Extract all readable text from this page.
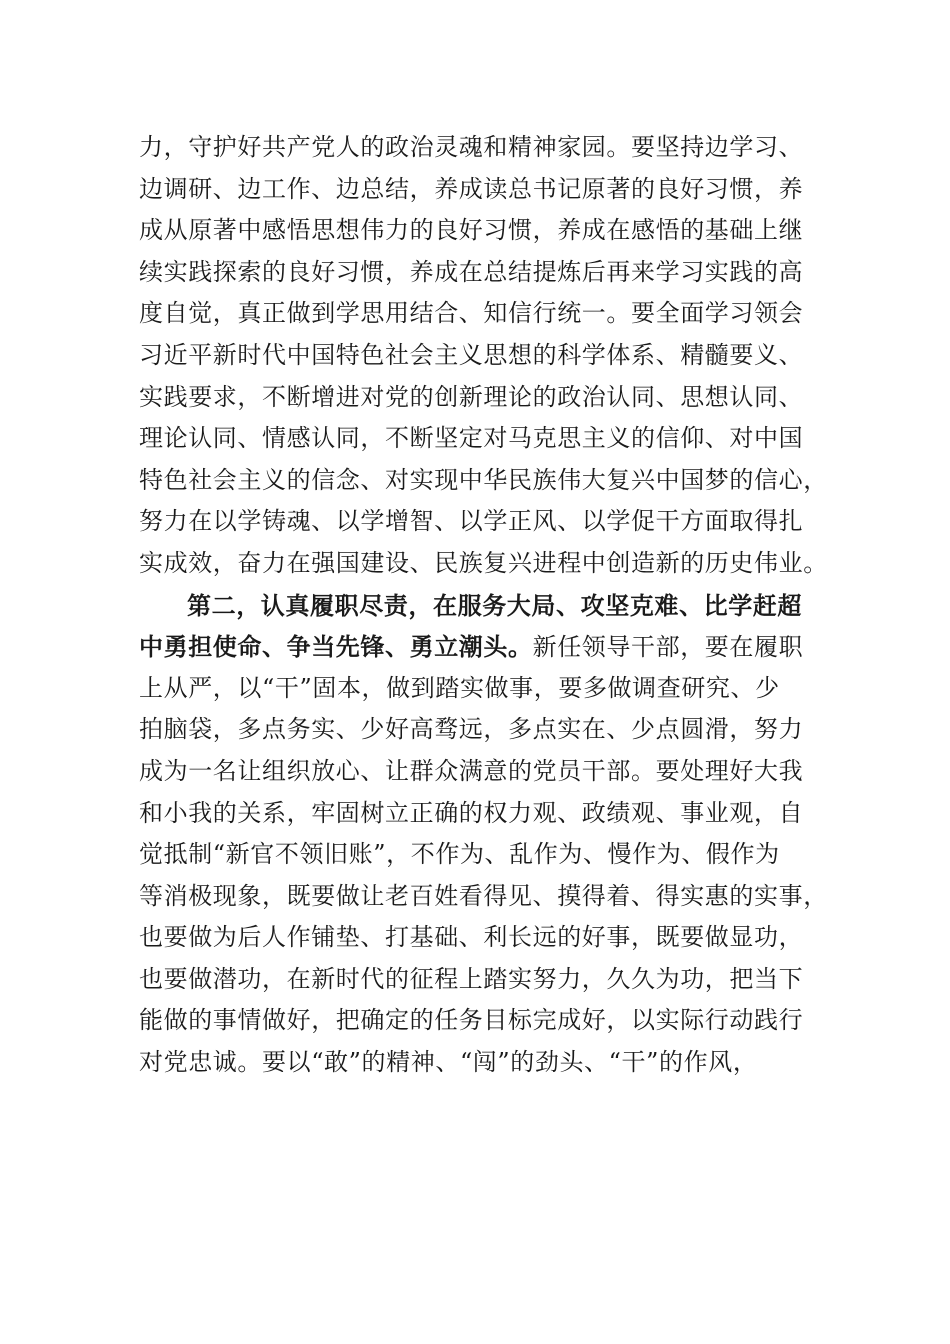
力，守护好共产党人的政治灵魂和精神家园。要坚持边学习、
边调研、边工作、边总结，养成读总书记原著的良好习惯，养
成从原著中感悟思想伟力的良好习惯，养成在感悟的基础上继
续实践探索的良好习惯，养成在总结提炼后再来学习实践的高
度自觉，真正做到学思用结合、知信行统一。要全面学习领会
习近平新时代中国特色社会主义思想的科学体系、精髓要义、
实践要求，不断增进对党的创新理论的政治认同、思想认同、
理论认同、情感认同，不断坚定对马克思主义的信仰、对中国
特色社会主义的信念、对实现中华民族伟大复兴中国梦的信心，
努力在以学铸魂、以学增智、以学正风、以学促干方面取得扎
实成效，奋力在强国建设、民族复兴进程中创造新的历史伟业。
第二，认真履职尽责，在服务大局、攻坚克难、比学赶超
中勇担使命、争当先锋、勇立潮头。新任领导干部，要在履职
上从严，以“干”固本，做到踏实做事，要多做调查研究、少
拍脑袋，多点务实、少好高骛远，多点实在、少点圆滑，努力
成为一名让组织放心、让群众满意的党员干部。要处理好大我
和小我的关系，牢固树立正确的权力观、政绩观、事业观，自
觉抵制“新官不领旧账”，不作为、乱作为、慢作为、假作为
等消极现象，既要做让老百姓看得见、摸得着、得实惠的实事，
也要做为后人作铺垫、打基础、利长远的好事，既要做显功，
也要做潜功，在新时代的征程上踏实努力，久久为功，把当下
能做的事情做好，把确定的任务目标完成好，以实际行动践行
对党忠诚。要以“敢”的精神、“闯”的劲头、“干”的作风，
